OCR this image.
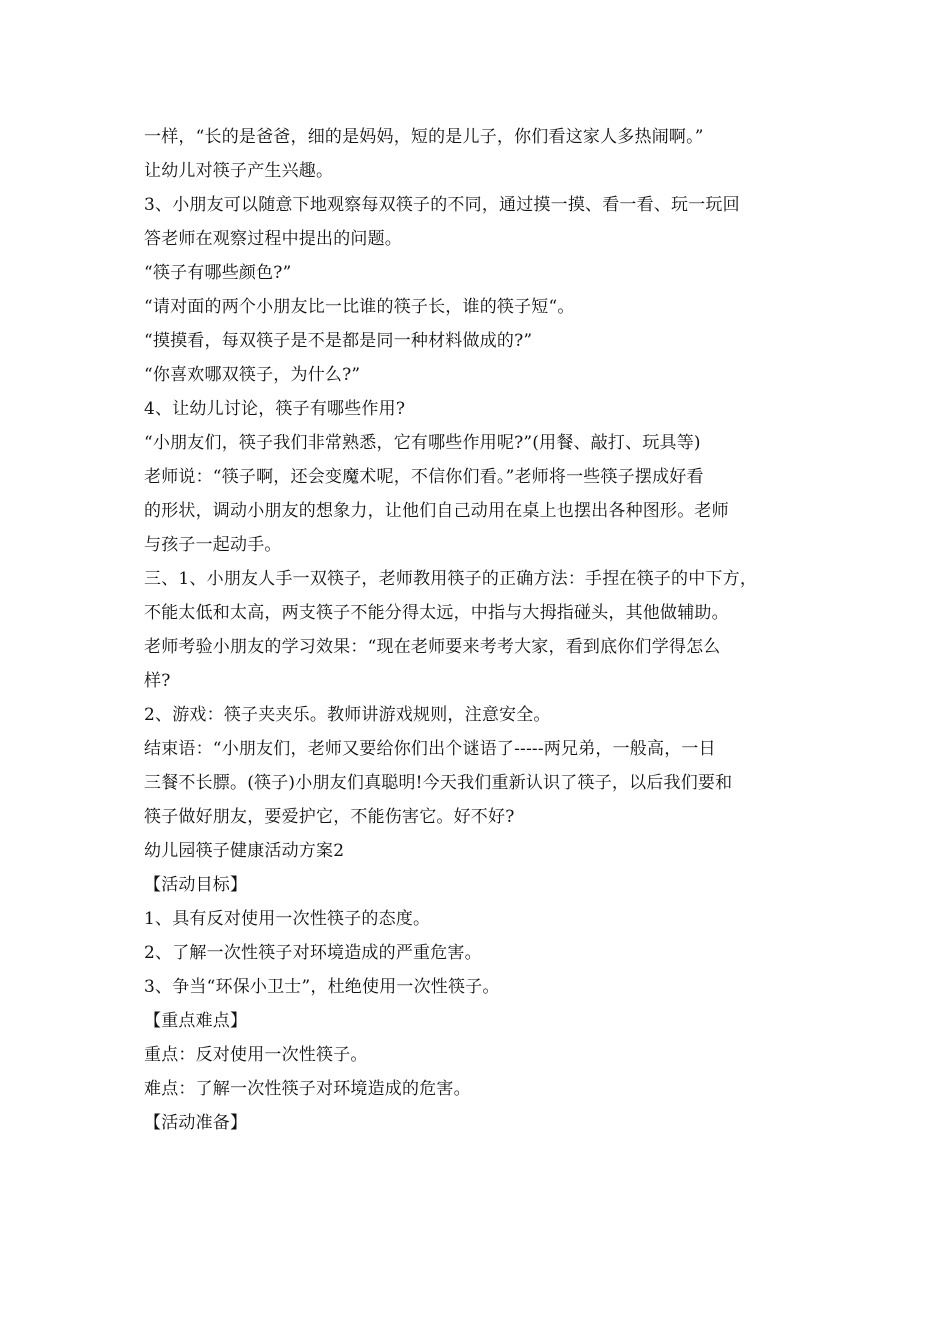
一样，“长的是爸爸，细的是妈妈，短的是儿子，你们看这家人多热闹啊。”
让幼儿对筷子产生兴趣。
3、小朋友可以随意下地观察每双筷子的不同，通过摸一摸、看一看、玩一玩回
答老师在观察过程中提出的问题。
“筷子有哪些颜色?”
“请对面的两个小朋友比一比谁的筷子长，谁的筷子短“。
“摸摸看，每双筷子是不是都是同一种材料做成的?”
“你喜欢哪双筷子，为什么?”
4、让幼儿讨论，筷子有哪些作用?
“小朋友们，筷子我们非常熟悉，它有哪些作用呢?”(用餐、敲打、玩具等)
老师说：“筷子啊，还会变魔术呢，不信你们看。”老师将一些筷子摆成好看
的形状，调动小朋友的想象力，让他们自己动用在桌上也摆出各种图形。老师
与孩子一起动手。
三、1、小朋友人手一双筷子，老师教用筷子的正确方法：手捏在筷子的中下方，
不能太低和太高，两支筷子不能分得太远，中指与大拇指碰头，其他做辅助。
老师考验小朋友的学习效果：“现在老师要来考考大家，看到底你们学得怎么
样?
2、游戏：筷子夹夹乐。教师讲游戏规则，注意安全。
结束语：“小朋友们，老师又要给你们出个谜语了-----两兄弟，一般高，一日
三餐不长膘。(筷子)小朋友们真聪明!今天我们重新认识了筷子，以后我们要和
筷子做好朋友，要爱护它，不能伤害它。好不好?
幼儿园筷子健康活动方案2
【活动目标】
1、具有反对使用一次性筷子的态度。
2、了解一次性筷子对环境造成的严重危害。
3、争当“环保小卫士”，杜绝使用一次性筷子。
【重点难点】
重点：反对使用一次性筷子。
难点：了解一次性筷子对环境造成的危害。
【活动准备】
